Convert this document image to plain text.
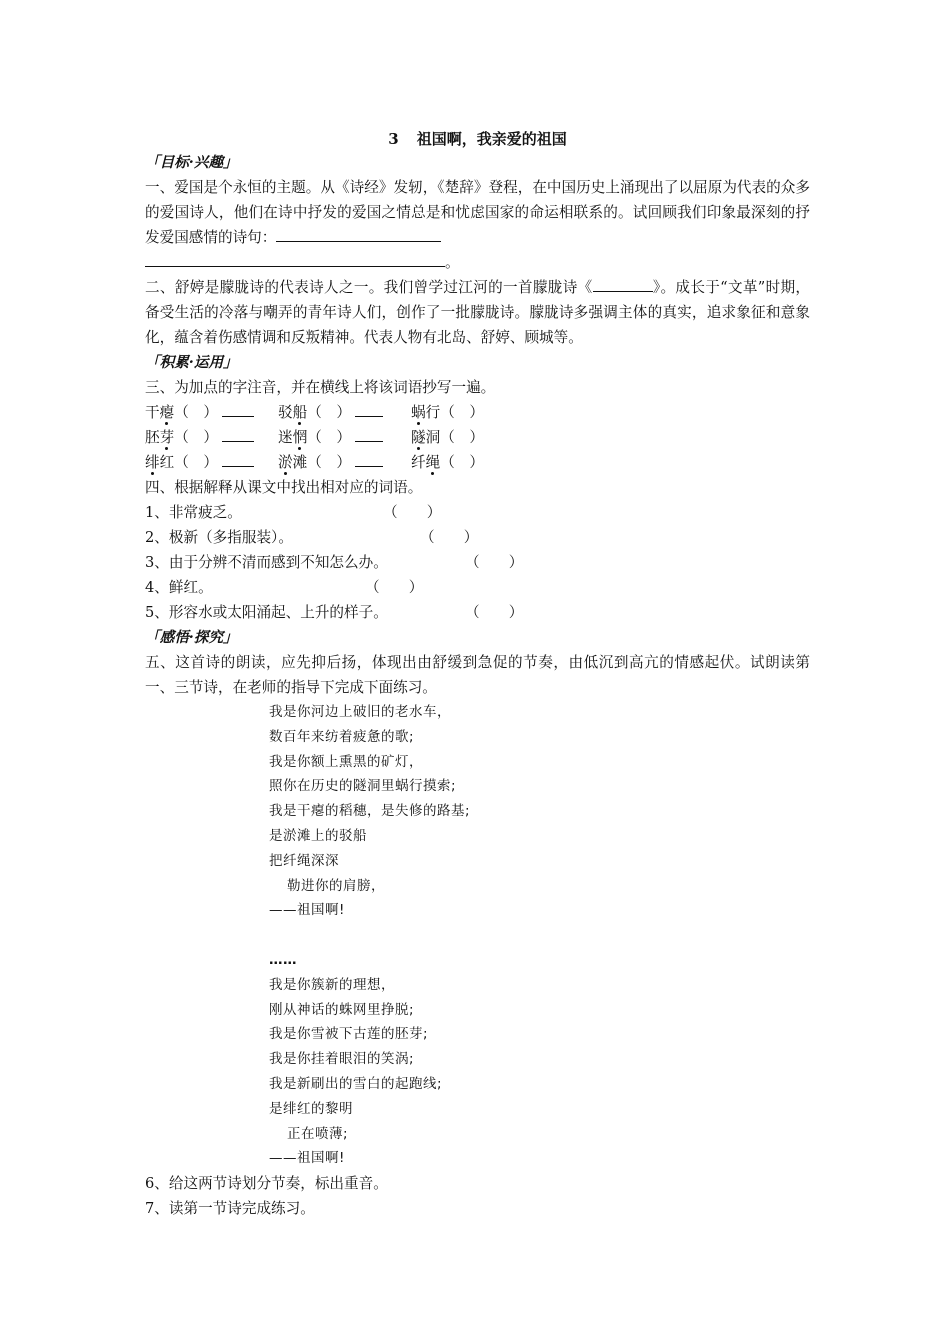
3 祖国啊，我亲爱的祖国
「目标·兴趣」
一、爱国是个永恒的主题。从《诗经》发轫，《楚辞》登程，在中国历史上涌现出了以屈原为代表的众多的爱国诗人，他们在诗中抒发的爱国之情总是和忧虑国家的命运相联系的。试回顾我们印象最深刻的抒发爱国感情的诗句：
。
二、舒婷是朦胧诗的代表诗人之一。我们曾学过江河的一首朦胧诗《	》。成长于“文革”时期，备受生活的冷落与嘲弄的青年诗人们，创作了一批朦胧诗。朦胧诗多强调主体的真实，追求象征和意象化，蕴含着伤感情调和反叛精神。代表人物有北岛、舒婷、顾城等。
「积累·运用」
三、为加点的字注音，并在横线上将该词语抄写一遍。
干瘪（　）	驳船（　）	蜗行（　）
胚芽（　）	迷惘（　）	隧洞（　）
绯红（　）	淤滩（　）	纤绳（　）
四、根据解释从课文中找出相对应的词语。
1、非常疲乏。	（　　）
2、极新（多指服装）。	（　　）
3、由于分辨不清而感到不知怎么办。	（　　）
4、鲜红。	（　　）
5、形容水或太阳涌起、上升的样子。	（　　）
「感悟·探究」
五、这首诗的朗读，应先抑后扬，体现出由舒缓到急促的节奏，由低沉到高亢的情感起伏。试朗读第一、三节诗，在老师的指导下完成下面练习。
我是你河边上破旧的老水车，
数百年来纺着疲惫的歌;
我是你额上熏黑的矿灯，
照你在历史的隧洞里蜗行摸索;
我是干瘪的稻穗，是失修的路基;
是淤滩上的驳船
把纤绳深深
勒进你的肩膀，
——祖国啊!
……
我是你簇新的理想，
刚从神话的蛛网里挣脱;
我是你雪被下古莲的胚芽;
我是你挂着眼泪的笑涡;
我是新刷出的雪白的起跑线;
是绯红的黎明
正在喷薄;
——祖国啊!
6、给这两节诗划分节奏，标出重音。
7、读第一节诗完成练习。
